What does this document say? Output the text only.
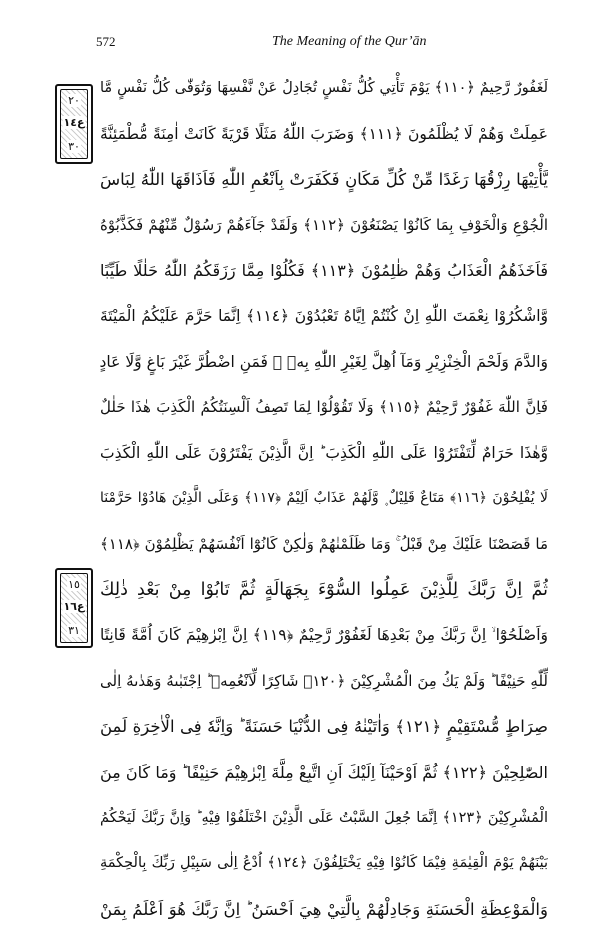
572	The Meaning of the Qur’ān
٢٠
ع١٤
٣٠
١٥
ع١٦
٣١
لَغَفُورٌ رَّحِيمٌ ﴿١١٠﴾ يَوْمَ تَأْتِي كُلُّ نَفْسٍ تُجَادِلُ عَنْ نَّفْسِهَا وَتُوَفّٰى كُلُّ نَفْسٍ مَّا
عَمِلَتْ وَهُمْ لَا يُظْلَمُونَ ﴿١١١﴾ وَضَرَبَ اللّٰهُ مَثَلًا قَرْيَةً كَانَتْ اٰمِنَةً مُّطْمَئِنَّةً
يَّأْتِيْهَا رِزْقُهَا رَغَدًا مِّنْ كُلِّ مَكَانٍ فَكَفَرَتْ بِاَنْعُمِ اللّٰهِ فَاَذَاقَهَا اللّٰهُ لِبَاسَ
الْجُوْعِ وَالْخَوْفِ بِمَا كَانُوْا يَصْنَعُوْنَ ﴿١١٢﴾ وَلَقَدْ جَآءَهُمْ رَسُوْلٌ مِّنْهُمْ فَكَذَّبُوْهُ
فَاَخَذَهُمُ الْعَذَابُ وَهُمْ ظٰلِمُوْنَ ﴿١١٣﴾ فَكُلُوْا مِمَّا رَزَقَكُمُ اللّٰهُ حَلٰلًا طَيِّبًا
وَّاشْكُرُوْا نِعْمَتَ اللّٰهِ اِنْ كُنْتُمْ اِيَّاهُ تَعْبُدُوْنَ ﴿١١٤﴾ اِنَّمَا حَرَّمَ عَلَيْكُمُ الْمَيْتَةَ
وَالدَّمَ وَلَحْمَ الْخِنْزِيْرِ وَمَآ اُهِلَّ لِغَيْرِ اللّٰهِ بِهٖ ۚ فَمَنِ اضْطُرَّ غَيْرَ بَاغٍ وَّلَا عَادٍ
فَاِنَّ اللّٰهَ غَفُوْرٌ رَّحِيْمٌ ﴿١١٥﴾ وَلَا تَقُوْلُوْا لِمَا تَصِفُ اَلْسِنَتُكُمُ الْكَذِبَ هٰذَا حَلٰلٌ
وَّهٰذَا حَرَامٌ لِّتَفْتَرُوْا عَلَى اللّٰهِ الْكَذِبَ ؕ اِنَّ الَّذِيْنَ يَفْتَرُوْنَ عَلَى اللّٰهِ الْكَذِبَ
لَا يُفْلِحُوْنَ ﴿١١٦﴾ مَتَاعٌ قَلِيْلٌ ۪ وَّلَهُمْ عَذَابٌ اَلِيْمٌ ﴿١١٧﴾ وَعَلَى الَّذِيْنَ هَادُوْا حَرَّمْنَا
مَا قَصَصْنَا عَلَيْكَ مِنْ قَبْلُ ۚ وَمَا ظَلَمْنٰهُمْ وَلٰكِنْ كَانُوْٓا اَنْفُسَهُمْ يَظْلِمُوْنَ ﴿١١٨﴾
ثُمَّ اِنَّ رَبَّكَ لِلَّذِيْنَ عَمِلُوا السُّوْٓءَ بِجَهَالَةٍ ثُمَّ تَابُوْا مِنْ بَعْدِ ذٰلِكَ
وَاَصْلَحُوْٓا ۙ اِنَّ رَبَّكَ مِنْ بَعْدِهَا لَغَفُوْرٌ رَّحِيْمٌ ﴿١١٩﴾ اِنَّ اِبْرٰهِيْمَ كَانَ اُمَّةً قَانِتًا
لِّلّٰهِ حَنِيْفًا ؕ وَلَمْ يَكُ مِنَ الْمُشْرِكِيْنَ ﴿١٢٠﴾ شَاكِرًا لِّاَنْعُمِهٖ ؕ اِجْتَبٰىهُ وَهَدٰىهُ اِلٰى
صِرَاطٍ مُّسْتَقِيْمٍ ﴿١٢١﴾ وَاٰتَيْنٰهُ فِى الدُّنْيَا حَسَنَةً ؕ وَاِنَّهٗ فِى الْاٰخِرَةِ لَمِنَ
الصّٰلِحِيْنَ ﴿١٢٢﴾ ثُمَّ اَوْحَيْنَآ اِلَيْكَ اَنِ اتَّبِعْ مِلَّةَ اِبْرٰهِيْمَ حَنِيْفًا ؕ وَمَا كَانَ مِنَ
الْمُشْرِكِيْنَ ﴿١٢٣﴾ اِنَّمَا جُعِلَ السَّبْتُ عَلَى الَّذِيْنَ اخْتَلَفُوْا فِيْهِ ؕ وَاِنَّ رَبَّكَ لَيَحْكُمُ
بَيْنَهُمْ يَوْمَ الْقِيٰمَةِ فِيْمَا كَانُوْا فِيْهِ يَخْتَلِفُوْنَ ﴿١٢٤﴾ اُدْعُ اِلٰى سَبِيْلِ رَبِّكَ بِالْحِكْمَةِ
وَالْمَوْعِظَةِ الْحَسَنَةِ وَجَادِلْهُمْ بِالَّتِيْ هِيَ اَحْسَنُ ؕ اِنَّ رَبَّكَ هُوَ اَعْلَمُ بِمَنْ
